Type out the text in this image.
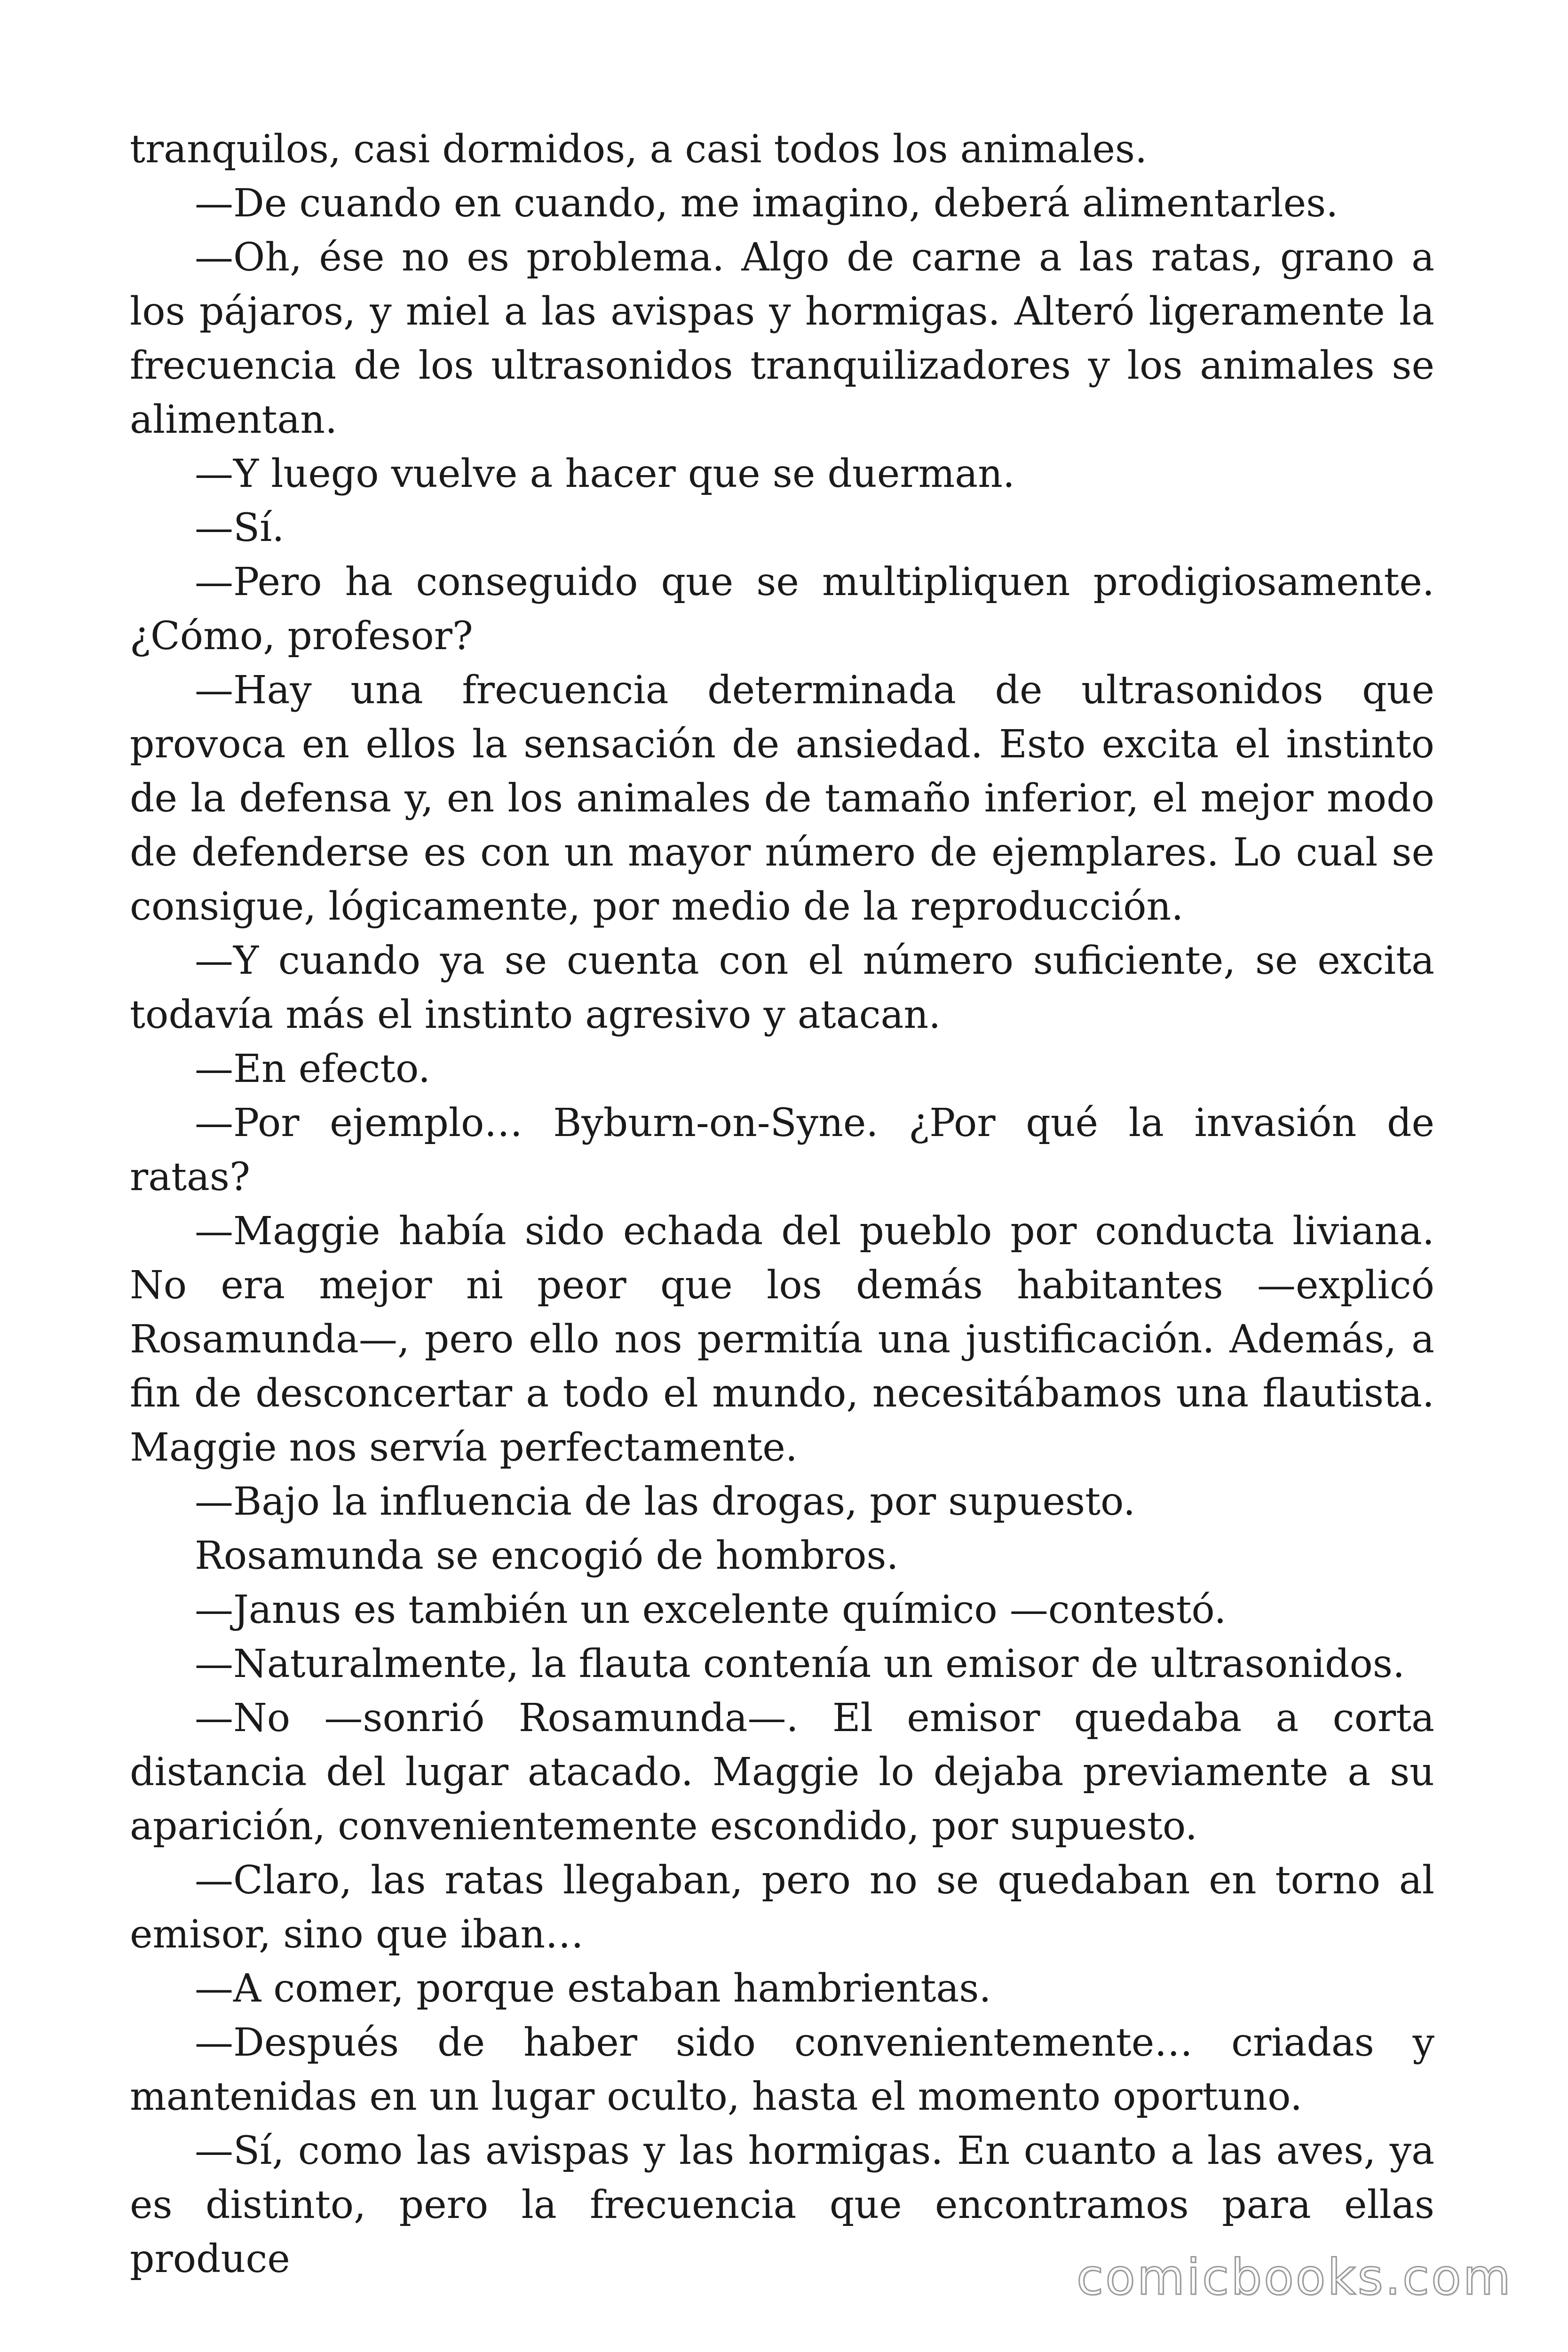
tranquilos, casi dormidos, a casi todos los animales.

—De cuando en cuando, me imagino, deberá alimentarles.

—Oh, ése no es problema. Algo de carne a las ratas, grano a los pájaros, y miel a las avispas y hormigas. Alteró ligeramente la frecuencia de los ultrasonidos tranquilizadores y los animales se alimentan.

—Y luego vuelve a hacer que se duerman.

—Sí.

—Pero ha conseguido que se multipliquen prodigiosamente. ¿Cómo, profesor?

—Hay una frecuencia determinada de ultrasonidos que provoca en ellos la sensación de ansiedad. Esto excita el instinto de la defensa y, en los animales de tamaño inferior, el mejor modo de defenderse es con un mayor número de ejemplares. Lo cual se consigue, lógicamente, por medio de la reproducción.

—Y cuando ya se cuenta con el número suficiente, se excita todavía más el instinto agresivo y atacan.

—En efecto.

—Por ejemplo… Byburn-on-Syne. ¿Por qué la invasión de ratas?

—Maggie había sido echada del pueblo por conducta liviana. No era mejor ni peor que los demás habitantes —explicó Rosamunda—, pero ello nos permitía una justificación. Además, a fin de desconcertar a todo el mundo, necesitábamos una flautista. Maggie nos servía perfectamente.

—Bajo la influencia de las drogas, por supuesto.

Rosamunda se encogió de hombros.

—Janus es también un excelente químico —contestó.

—Naturalmente, la flauta contenía un emisor de ultrasonidos.

—No —sonrió Rosamunda—. El emisor quedaba a corta distancia del lugar atacado. Maggie lo dejaba previamente a su aparición, convenientemente escondido, por supuesto.

—Claro, las ratas llegaban, pero no se quedaban en torno al emisor, sino que iban…

—A comer, porque estaban hambrientas.

—Después de haber sido convenientemente… criadas y mantenidas en un lugar oculto, hasta el momento oportuno.

—Sí, como las avispas y las hormigas. En cuanto a las aves, ya es distinto, pero la frecuencia que encontramos para ellas produce	comicbooks.com
